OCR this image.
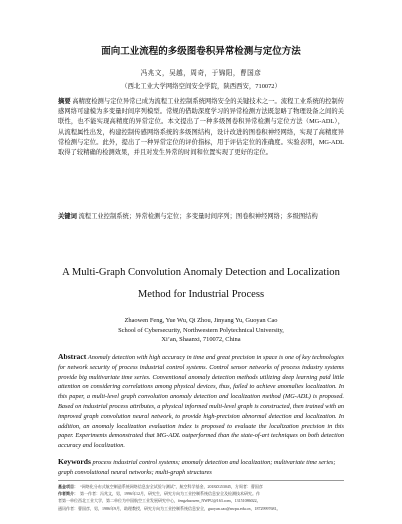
面向工业流程的多级图卷积异常检测与定位方法
冯兆文，吴越，周奇，于锦阳，曹国彦
（西北工业大学网络空间安全学院，陕西西安，710072）
摘要 高精度检测与定位异常已成为流程工业控制系统网络安全的关键技术之一。流程工业系统的控制传感网络可建模为多变量时间序列模型。常规的借助深度学习的异常检测方法既忽略了物理设备之间的关联性，也不能实现高精度的异常定位。本文提出了一种多级图卷积异常检测与定位方法（MG-ADL），从流程属性出发，构建控制传感网络系统的多级图结构，设计改进的图卷积神经网络，实现了高精度异常检测与定位。此外，提出了一种异常定位的评价指标，用于评估定位的准确度。实验表明，MG-ADL 取得了较精确的检测效果，并且对发生异常的时间和位置实现了更好的定位。
关键词 流程工业控制系统；异常检测与定位；多变量时间序列；图卷积神经网络；多级图结构
A Multi-Graph Convolution Anomaly Detection and Localization
Method for Industrial Process
Zhaowen Feng, Yue Wu, Qi Zhou, Jinyang Yu, Guoyan Cao
School of Cybersecurity, Northwestern Polytechnical University,
Xi’an, Shaanxi, 710072, China
Abstract Anomaly detection with high accuracy in time and great precision in space is one of key technologies for network security of process industrial control systems. Control sensor networks of process industry systems provide big multivariate time series. Conventional anomaly detection methods utilizing deep learning paid little attention on considering correlations among physical devices, thus, failed to achieve anomalies localization. In this paper, a multi-level graph convolution anomaly detection and localization method (MG-ADL) is proposed. Based on industrial process attributes, a physical informed multi-level graph is constructed, then trained with an improved graph convolution neural network, to provide high-precision abnormal detection and localization. In addition, an anomaly localization evaluation index is proposed to evaluate the localization precision in this paper. Experiments demonstrated that MG-ADL outperformed than the state-of-art techniques on both detection accuracy and localization.
Keywords process industrial control systems; anomaly detection and localization; multivariate time series; graph convolutional neural networks; multi-graph structures
基金项目： “网络化分布式航空制造系统网络信息安全试验与测试”，航空科学基金，2018ZG53045，方周者：曹国彦
作者简介： 第一作者：冯兆文，男，1996年12月，研究生，研究方向为工业控制系统信息安全及检测技术研究。作
者第一单位西北工业大学，第二单位为中国航空工业发展研究中心，fengzhaowen_NWPU@163.com，13151086022。
通讯作者：曹国彦，男，1986年9月，助理教授，研究方向为工业控制系统信息安全，guoyan.cao@nwpu.edu.cn，18729997681。
